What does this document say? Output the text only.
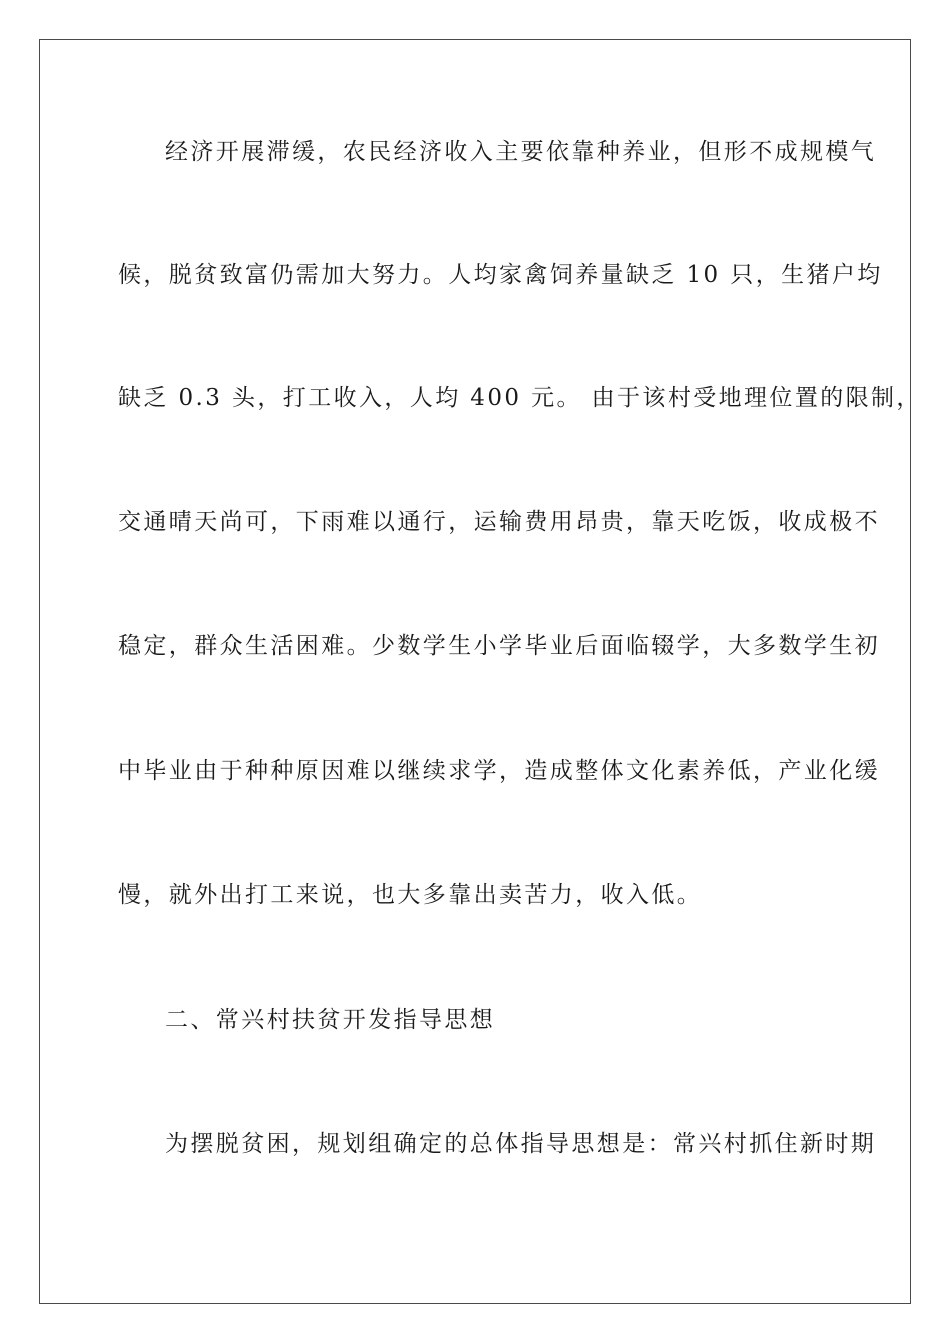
经济开展滞缓，农民经济收入主要依靠种养业，但形不成规模气
候，脱贫致富仍需加大努力。人均家禽饲养量缺乏 10 只，生猪户均
缺乏 0.3 头，打工收入，人均 400 元。 由于该村受地理位置的限制，
交通晴天尚可，下雨难以通行，运输费用昂贵，靠天吃饭，收成极不
稳定，群众生活困难。少数学生小学毕业后面临辍学，大多数学生初
中毕业由于种种原因难以继续求学，造成整体文化素养低，产业化缓
慢，就外出打工来说，也大多靠出卖苦力，收入低。
二、常兴村扶贫开发指导思想
为摆脱贫困，规划组确定的总体指导思想是：常兴村抓住新时期
